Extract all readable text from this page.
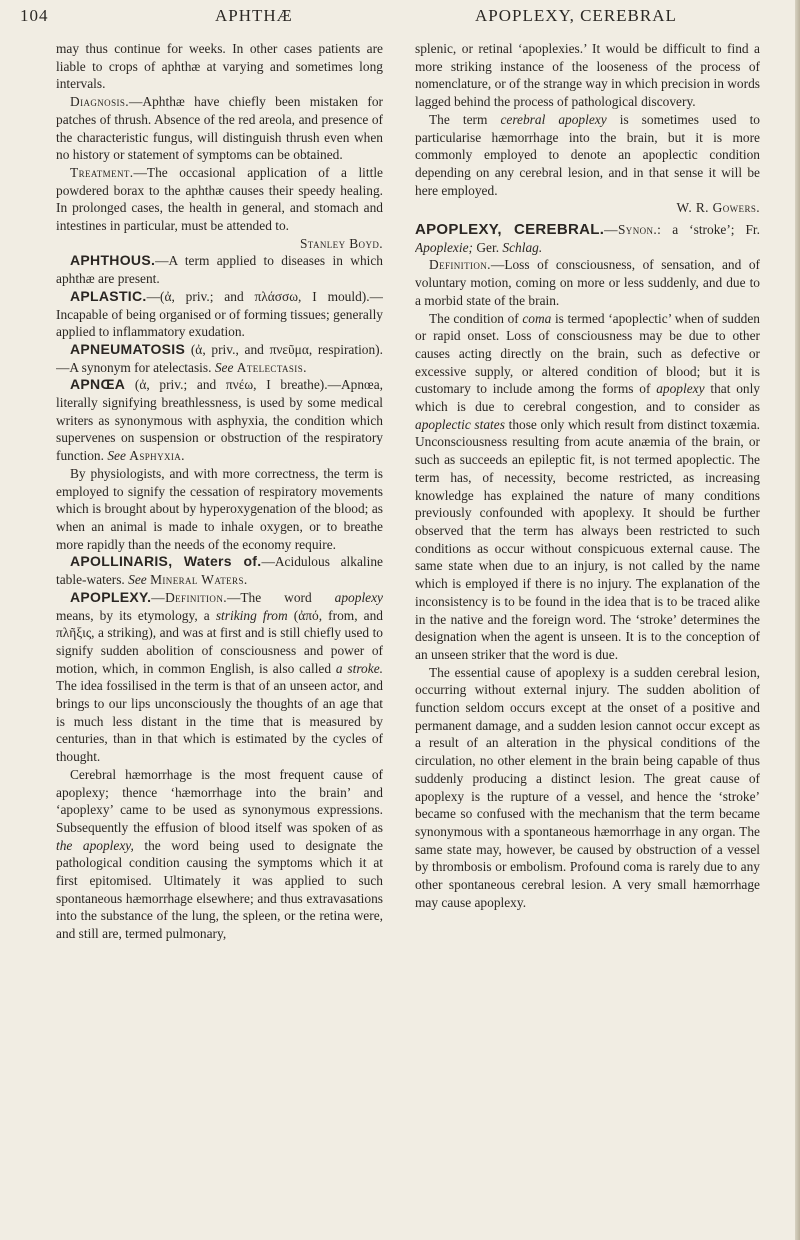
104	APHTHÆ	APOPLEXY, CEREBRAL

may thus continue for weeks. In other cases patients are liable to crops of aphthæ at varying and sometimes long intervals.

Diagnosis.—Aphthæ have chiefly been mistaken for patches of thrush. Absence of the red areola, and presence of the characteristic fungus, will distinguish thrush even when no history or statement of symptoms can be obtained.

Treatment.—The occasional application of a little powdered borax to the aphthæ causes their speedy healing. In prolonged cases, the health in general, and stomach and intestines in particular, must be attended to.

Stanley Boyd.

APHTHOUS.—A term applied to diseases in which aphthæ are present.

APLASTIC.—(ἀ, priv.; and πλάσσω, I mould).—Incapable of being organised or of forming tissues; generally applied to inflammatory exudation.

APNEUMATOSIS (ἀ, priv., and πνεῦμα, respiration).—A synonym for atelectasis. See Atelectasis.

APNŒA (ἀ, priv.; and πνέω, I breathe).—Apnœa, literally signifying breathlessness, is used by some medical writers as synonymous with asphyxia, the condition which supervenes on suspension or obstruction of the respiratory function. See Asphyxia.

By physiologists, and with more correctness, the term is employed to signify the cessation of respiratory movements which is brought about by hyperoxygenation of the blood; as when an animal is made to inhale oxygen, or to breathe more rapidly than the needs of the economy require.

APOLLINARIS, Waters of.—Acidulous alkaline table-waters. See Mineral Waters.

APOPLEXY.—Definition.—The word apoplexy means, by its etymology, a striking from (ἀπό, from, and πλῆξις, a striking), and was at first and is still chiefly used to signify sudden abolition of consciousness and power of motion, which, in common English, is also called a stroke. The idea fossilised in the term is that of an unseen actor, and brings to our lips unconsciously the thoughts of an age that is much less distant in the time that is measured by centuries, than in that which is estimated by the cycles of thought.

Cerebral hæmorrhage is the most frequent cause of apoplexy; thence ‘hæmorrhage into the brain’ and ‘apoplexy’ came to be used as synonymous expressions. Subsequently the effusion of blood itself was spoken of as the apoplexy, the word being used to designate the pathological condition causing the symptoms which it at first epitomised. Ultimately it was applied to such spontaneous hæmorrhage elsewhere; and thus extravasations into the substance of the lung, the spleen, or the retina were, and still are, termed pulmonary,

splenic, or retinal ‘apoplexies.’ It would be difficult to find a more striking instance of the looseness of the process of nomenclature, or of the strange way in which precision in words lagged behind the process of pathological discovery.

The term cerebral apoplexy is sometimes used to particularise hæmorrhage into the brain, but it is more commonly employed to denote an apoplectic condition depending on any cerebral lesion, and in that sense it will be here employed.

W. R. Gowers.

APOPLEXY, CEREBRAL.—Synon.: a ‘stroke’; Fr. Apoplexie; Ger. Schlag.

Definition.—Loss of consciousness, of sensation, and of voluntary motion, coming on more or less suddenly, and due to a morbid state of the brain.

The condition of coma is termed ‘apoplectic’ when of sudden or rapid onset. Loss of consciousness may be due to other causes acting directly on the brain, such as defective or excessive supply, or altered condition of blood; but it is customary to include among the forms of apoplexy that only which is due to cerebral congestion, and to consider as apoplectic states those only which result from distinct toxæmia. Unconsciousness resulting from acute anæmia of the brain, or such as succeeds an epileptic fit, is not termed apoplectic. The term has, of necessity, become restricted, as increasing knowledge has explained the nature of many conditions previously confounded with apoplexy. It should be further observed that the term has always been restricted to such conditions as occur without conspicuous external cause. The same state when due to an injury, is not called by the name which is employed if there is no injury. The explanation of the inconsistency is to be found in the idea that is to be traced alike in the native and the foreign word. The ‘stroke’ determines the designation when the agent is unseen. It is to the conception of an unseen striker that the word is due.

The essential cause of apoplexy is a sudden cerebral lesion, occurring without external injury. The sudden abolition of function seldom occurs except at the onset of a positive and permanent damage, and a sudden lesion cannot occur except as a result of an alteration in the physical conditions of the circulation, no other element in the brain being capable of thus suddenly producing a distinct lesion. The great cause of apoplexy is the rupture of a vessel, and hence the ‘stroke’ became so confused with the mechanism that the term became synonymous with a spontaneous hæmorrhage in any organ. The same state may, however, be caused by obstruction of a vessel by thrombosis or embolism. Profound coma is rarely due to any other spontaneous cerebral lesion. A very small hæmorrhage may cause apoplexy.
